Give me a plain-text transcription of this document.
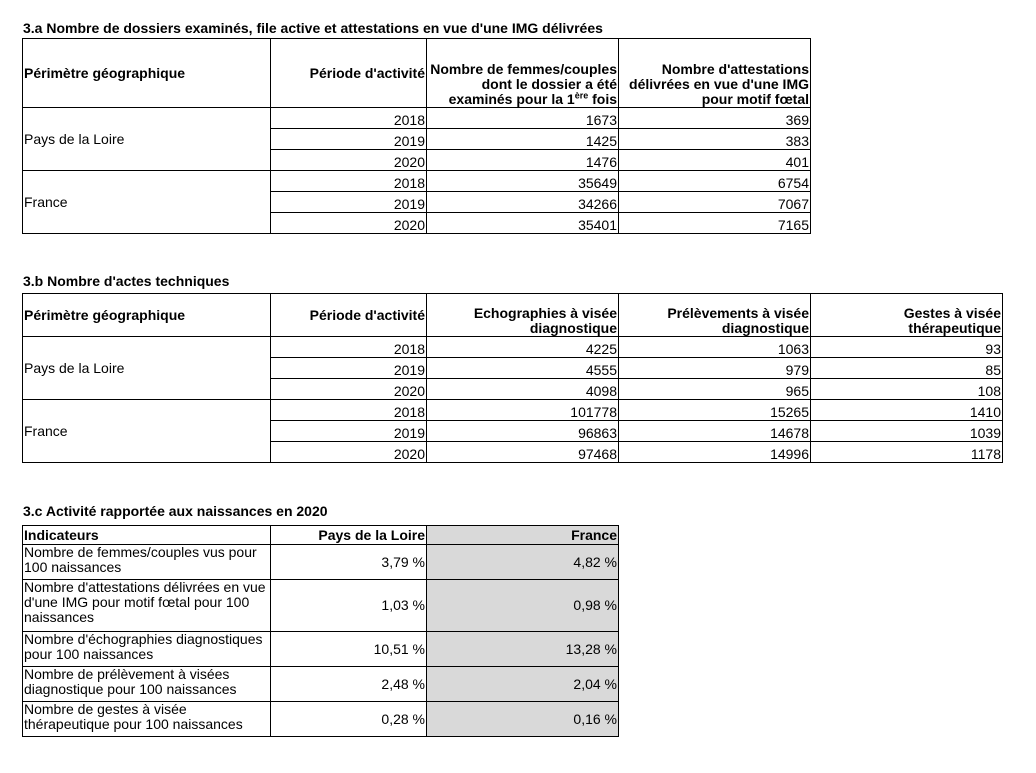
3.a Nombre de dossiers examinés, file active et attestations en vue d'une IMG délivrées
Périmètre géographique	Période d'activité	Nombre de femmes/couples dont le dossier a été examinés pour la 1ère fois	Nombre d'attestations délivrées en vue d'une IMG pour motif fœtal
Pays de la Loire	2018	1673	369
	2019	1425	383
	2020	1476	401
France	2018	35649	6754
	2019	34266	7067
	2020	35401	7165
3.b Nombre d'actes techniques
Périmètre géographique	Période d'activité	Echographies à visée diagnostique	Prélèvements à visée diagnostique	Gestes à visée thérapeutique
Pays de la Loire	2018	4225	1063	93
	2019	4555	979	85
	2020	4098	965	108
France	2018	101778	15265	1410
	2019	96863	14678	1039
	2020	97468	14996	1178
3.c Activité rapportée aux naissances en 2020
Indicateurs	Pays de la Loire	France
Nombre de femmes/couples vus pour 100 naissances	3,79 %	4,82 %
Nombre d'attestations délivrées en vue d'une IMG pour motif fœtal pour 100 naissances	1,03 %	0,98 %
Nombre d'échographies diagnostiques pour 100 naissances	10,51 %	13,28 %
Nombre de prélèvement à visées diagnostique pour 100 naissances	2,48 %	2,04 %
Nombre de gestes à visée thérapeutique pour 100 naissances	0,28 %	0,16 %
